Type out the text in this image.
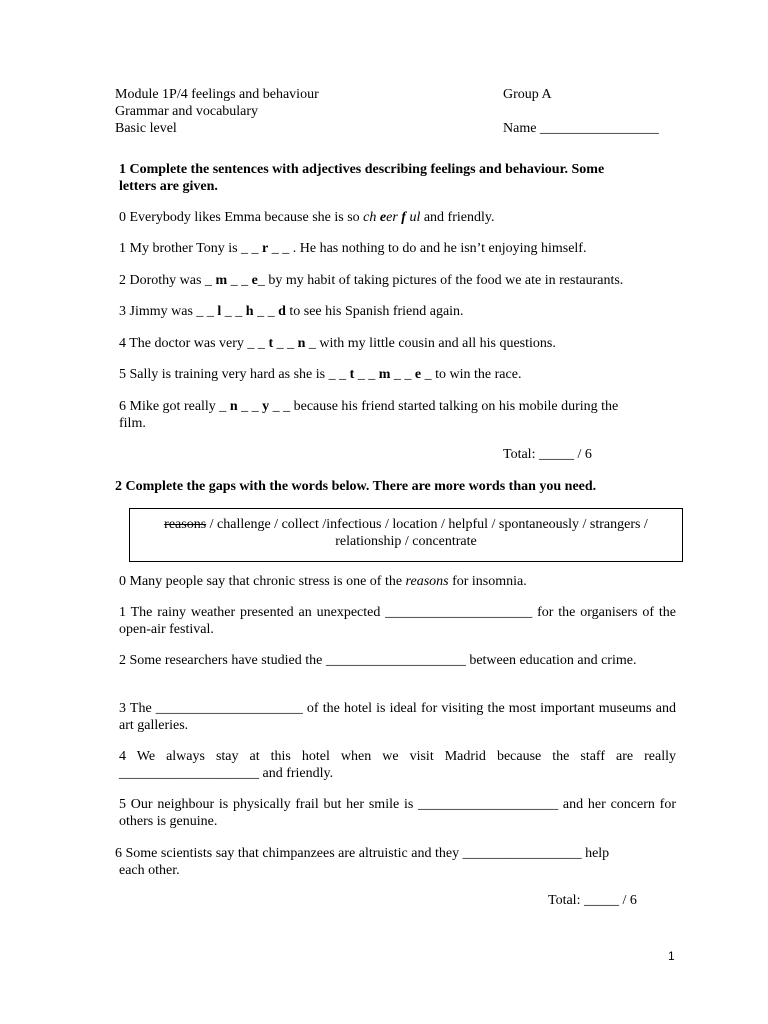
Module 1P/4 feelings and behaviour
Grammar and vocabulary
Basic level
Group A

Name _________________
1 Complete the sentences with adjectives describing feelings and behaviour. Some
letters are given.
0 Everybody likes Emma because she is so ch eer f ul and friendly.
1 My brother Tony is _ _ r _ _ . He has nothing to do and he isn’t enjoying himself.
2 Dorothy was _ m _ _ e_ by my habit of taking pictures of the food we ate in restaurants.
3 Jimmy was _ _ l _ _ h _ _ d to see his Spanish friend again.
4 The doctor was very _ _ t _ _ n _ with my little cousin and all his questions.
5 Sally is training very hard as she is _ _ t _ _ m _ _ e _ to win the race.
6 Mike got really _ n _ _ y _ _ because his friend started talking on his mobile during the
film.
Total: _____ / 6
2 Complete the gaps with the words below. There are more words than you need.
reasons / challenge / collect /infectious / location / helpful / spontaneously / strangers /
relationship / concentrate
0 Many people say that chronic stress is one of the reasons for insomnia.
1 The rainy weather presented an unexpected _____________________ for the organisers of the open-air festival.
2 Some researchers have studied the ____________________ between education and crime.
3 The _____________________ of the hotel is ideal for visiting the most important museums and art galleries.
4 We always stay at this hotel when we visit Madrid because the staff are really ____________________ and friendly.
5 Our neighbour is physically frail but her smile is ____________________ and her concern for others is genuine.
6 Some scientists say that chimpanzees are altruistic and they _________________ help
each other.
Total: _____ / 6
1
